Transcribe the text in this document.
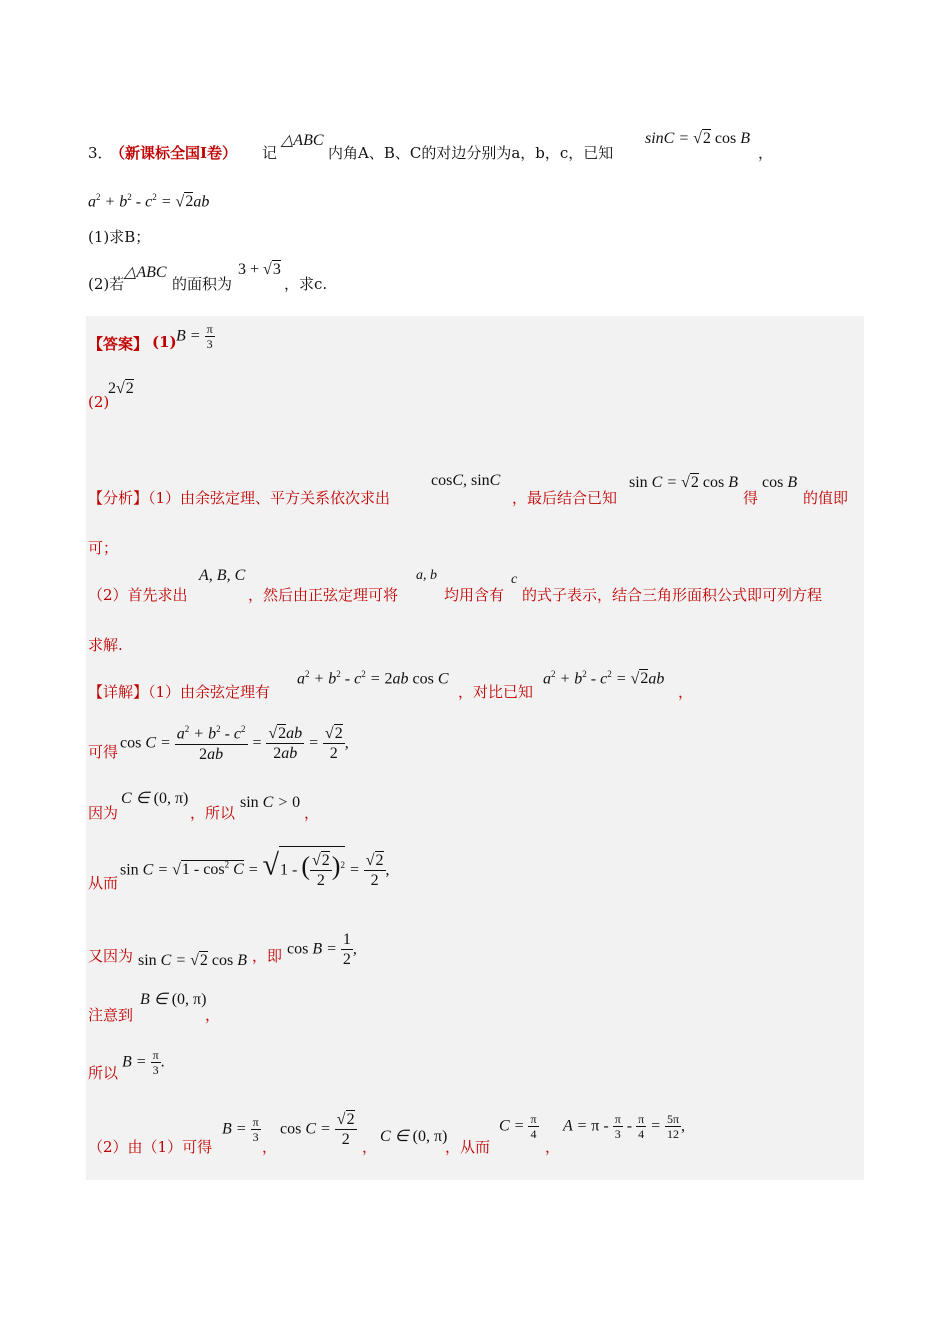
3．
（新课标全国Ⅰ卷） 记
△ABC
内角A、B、C的对边分别为a，b，c，已知
sinC = √2 cos B
，
$a^2 + b^2 - c^2 = √2ab$
(1)求B；
(2)若
△ABC
的面积为
3 + √3
，求c.
【答案】 (1) $B = \frac{\pi}{3}$
(2)
2√2
【分析】（1）由余弦定理、平方关系依次求出
cosC, sinC
，最后结合已知
sin C = √2 cos B
得
cos B
的值即
可；
（2）首先求出
A, B, C
，然后由正弦定理可将
a, b
均用含有
c
的式子表示，结合三角形面积公式即可列方程
求解.
【详解】（1）由余弦定理有
$a^2 + b^2 - c^2 = 2ab$ cos C
，对比已知
$a^2 + b^2 - c^2 = √2ab$
，
可得 $\cos C = \frac{a^2 + b^2 - c^2}{2ab} = \frac{√2ab}{2ab} = \frac{√2}{2}$ ,
因为
C ∈ (0, π)
，所以
sin C > 0
，
从而
$\sin C = √1 - \cos^2 C = √1$ - ( $\frac{√2}{2} )^2 = \frac{√2}{2}$ ,
又因为 sin C = √2 cos B ，即 $\cos B = \frac{1}{2}$ ,
注意到
B ∈ (0, π)
，
所以
$B = \frac{\pi}{3}$ .
（2）由（1）可得
$B = \frac{\pi}{3}$
，
$\cos C = \frac{√2}{2}$ ，
C ∈ (0, π)
，从而
$C = \frac{\pi}{4}$
，
$A = \pi - \frac{\pi}{3} - \frac{\pi}{4} = \frac{5\pi}{12}$ ,
